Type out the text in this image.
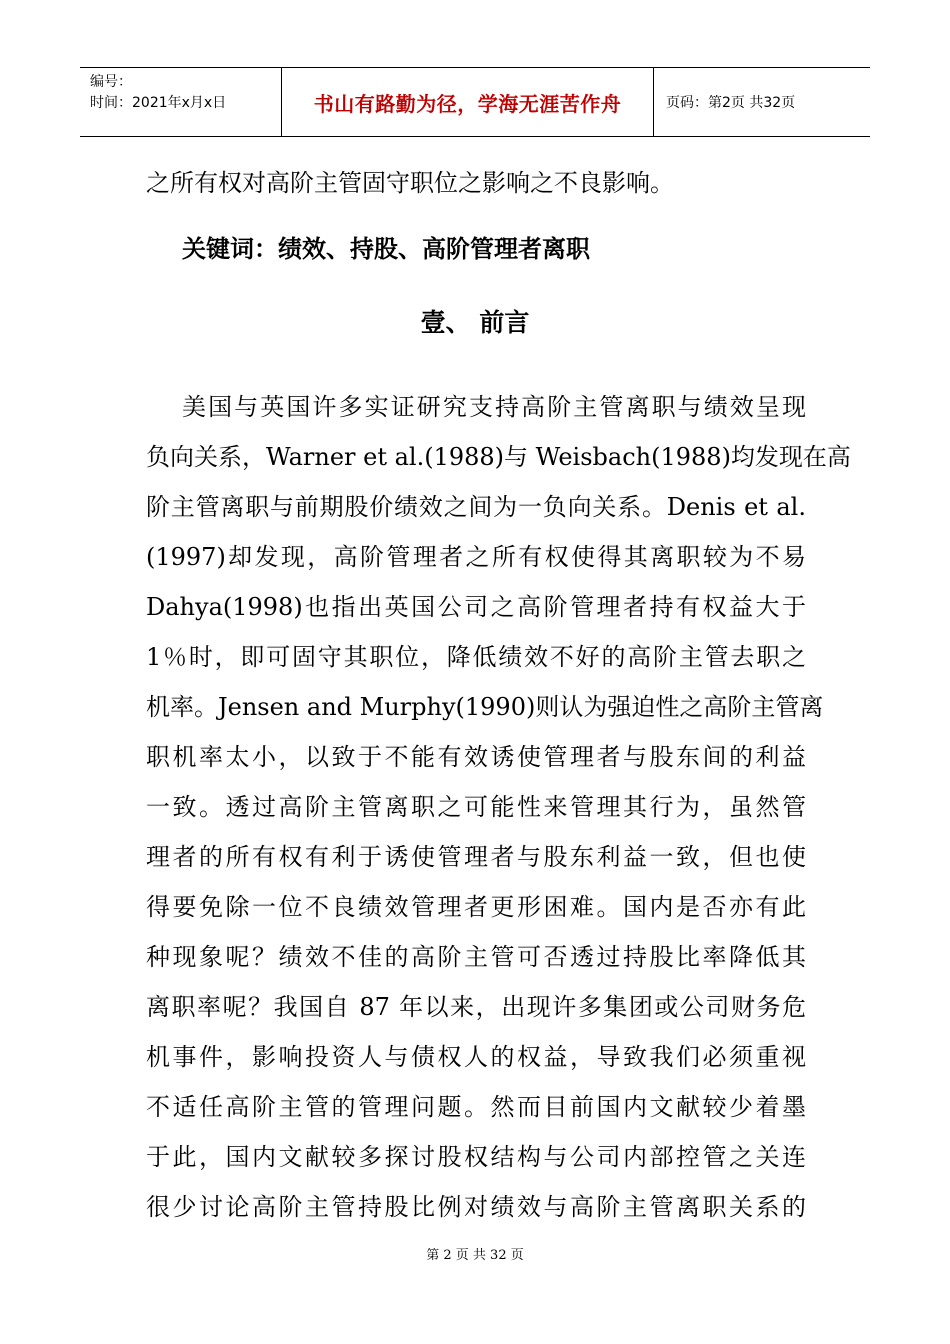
编号：
时间：2021年x月x日	书山有路勤为径，学海无涯苦作舟	页码：第2页 共32页
之所有权对高阶主管固守职位之影响之不良影响。
关键词：绩效、持股、高阶管理者离职
壹、 前言
美国与英国许多实证研究支持高阶主管离职与绩效呈现
负向关系，Warner et al.(1988)与 Weisbach(1988)均发现在高
阶主管离职与前期股价绩效之间为一负向关系。Denis et al.
(1997)却发现，高阶管理者之所有权使得其离职较为不易
Dahya(1998)也指出英国公司之高阶管理者持有权益大于
1％时，即可固守其职位，降低绩效不好的高阶主管去职之
机率。Jensen and Murphy(1990)则认为强迫性之高阶主管离
职机率太小，以致于不能有效诱使管理者与股东间的利益
一致。透过高阶主管离职之可能性来管理其行为，虽然管
理者的所有权有利于诱使管理者与股东利益一致，但也使
得要免除一位不良绩效管理者更形困难。国内是否亦有此
种现象呢？绩效不佳的高阶主管可否透过持股比率降低其
离职率呢？我国自 87 年以来，出现许多集团或公司财务危
机事件，影响投资人与债权人的权益，导致我们必须重视
不适任高阶主管的管理问题。然而目前国内文献较少着墨
于此，国内文献较多探讨股权结构与公司内部控管之关连
很少讨论高阶主管持股比例对绩效与高阶主管离职关系的
第 2 页 共 32 页
